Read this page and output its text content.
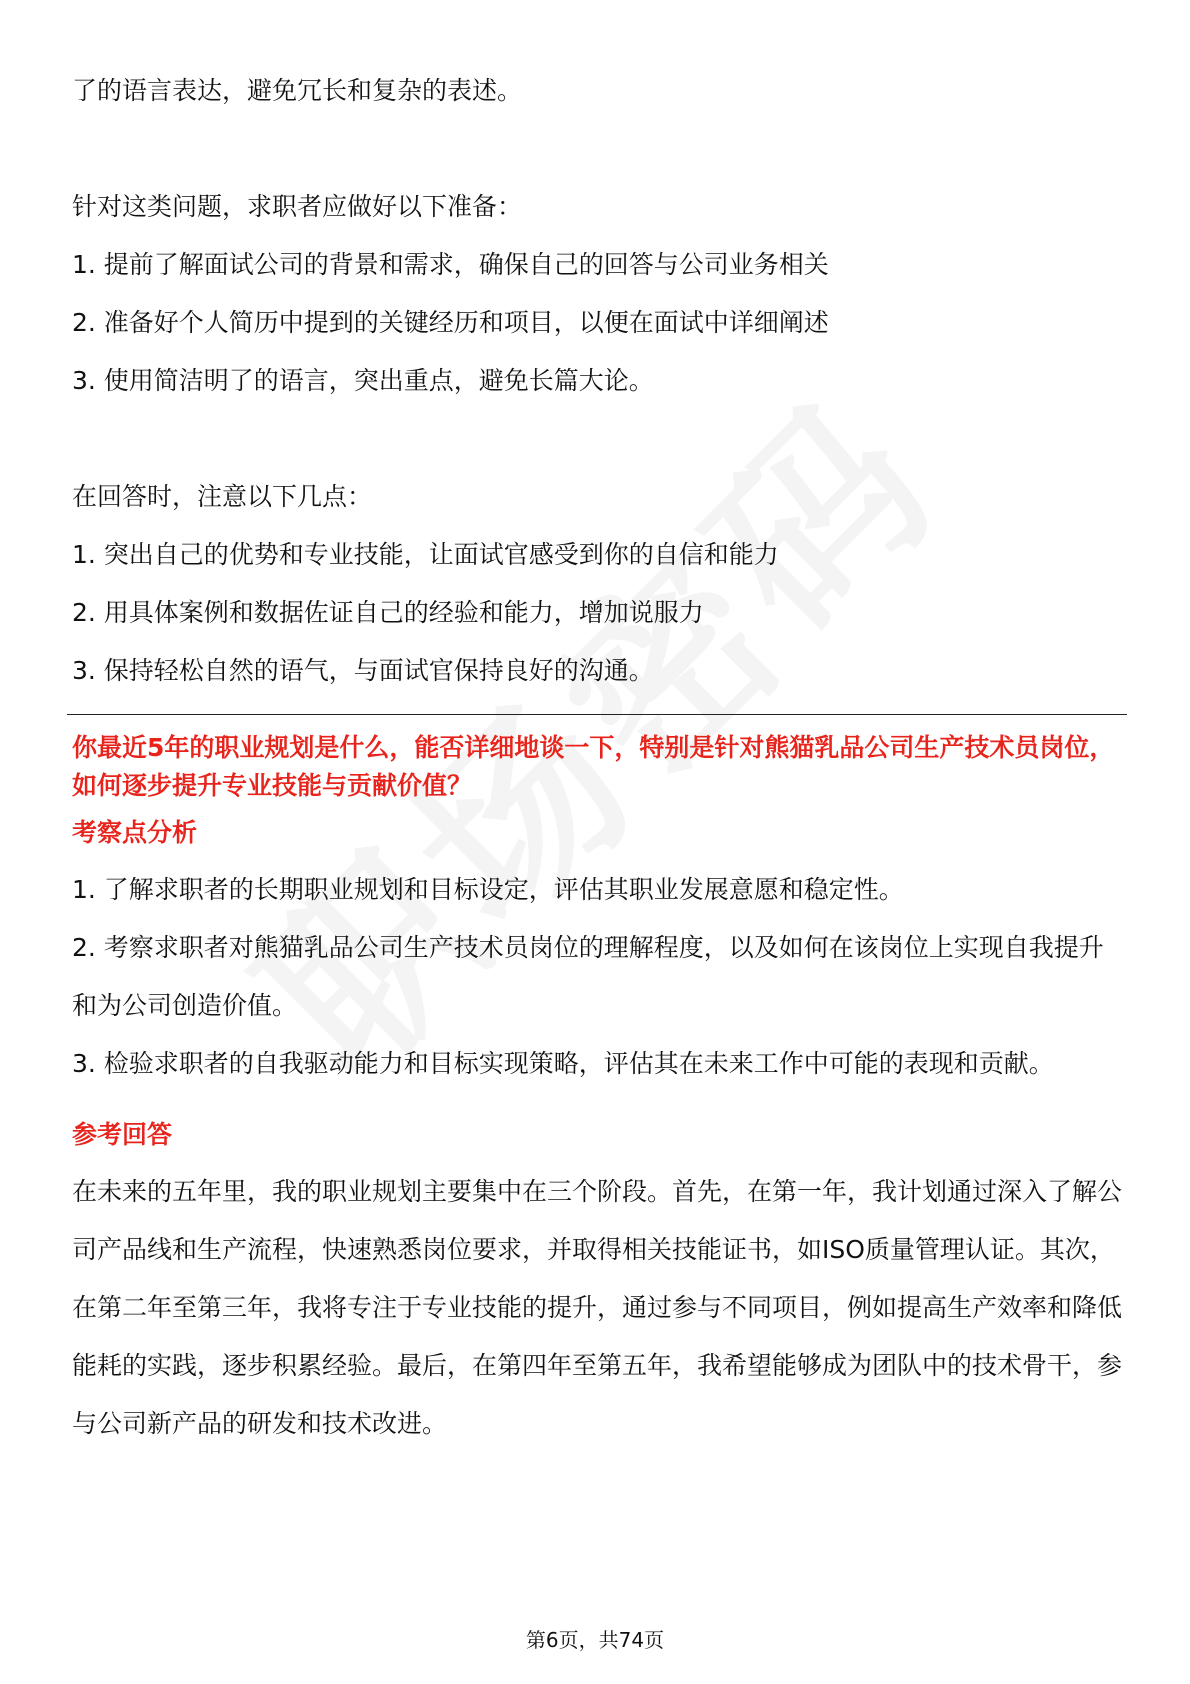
了的语言表达，避免冗长和复杂的表述。

针对这类问题，求职者应做好以下准备：

1. 提前了解面试公司的背景和需求，确保自己的回答与公司业务相关

2. 准备好个人简历中提到的关键经历和项目，以便在面试中详细阐述

3. 使用简洁明了的语言，突出重点，避免长篇大论。

在回答时，注意以下几点：

1. 突出自己的优势和专业技能，让面试官感受到你的自信和能力

2. 用具体案例和数据佐证自己的经验和能力，增加说服力

3. 保持轻松自然的语气，与面试官保持良好的沟通。

你最近5年的职业规划是什么，能否详细地谈一下，特别是针对熊猫乳品公司生产技术员岗位，如何逐步提升专业技能与贡献价值？
考察点分析

1. 了解求职者的长期职业规划和目标设定，评估其职业发展意愿和稳定性。

2. 考察求职者对熊猫乳品公司生产技术员岗位的理解程度，以及如何在该岗位上实现自我提升和为公司创造价值。

3. 检验求职者的自我驱动能力和目标实现策略，评估其在未来工作中可能的表现和贡献。

参考回答

在未来的五年里，我的职业规划主要集中在三个阶段。首先，在第一年，我计划通过深入了解公司产品线和生产流程，快速熟悉岗位要求，并取得相关技能证书，如ISO质量管理认证。其次，在第二年至第三年，我将专注于专业技能的提升，通过参与不同项目，例如提高生产效率和降低能耗的实践，逐步积累经验。最后，在第四年至第五年，我希望能够成为团队中的技术骨干，参与公司新产品的研发和技术改进。

第6页，共74页
